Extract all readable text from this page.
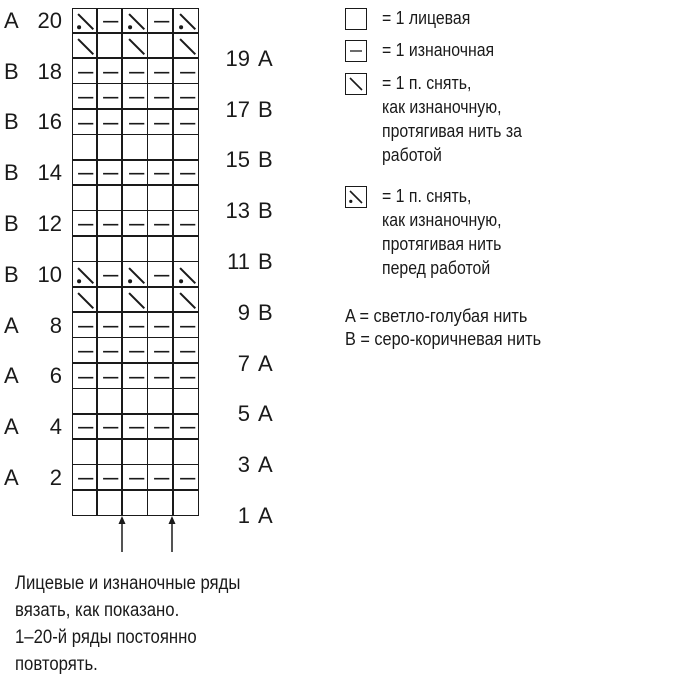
A 20
A
19
B 18
B
17
B 16
B
15
B 14
B
13
B 12
B
11
B 10
B
9
A 8
A
7
A 6
A
5
A 4
A
3
A 2
A
1
= 1 лицевая
= 1 изнаночная
= 1 п. снять,
как изнаночную,
протягивая нить за
работой
= 1 п. снять,
как изнаночную,
протягивая нить
перед работой
A = светло-голубая нить
B = серо-коричневая нить
Лицевые и изнаночные ряды
вязать, как показано.
1–20-й ряды постоянно
повторять.
